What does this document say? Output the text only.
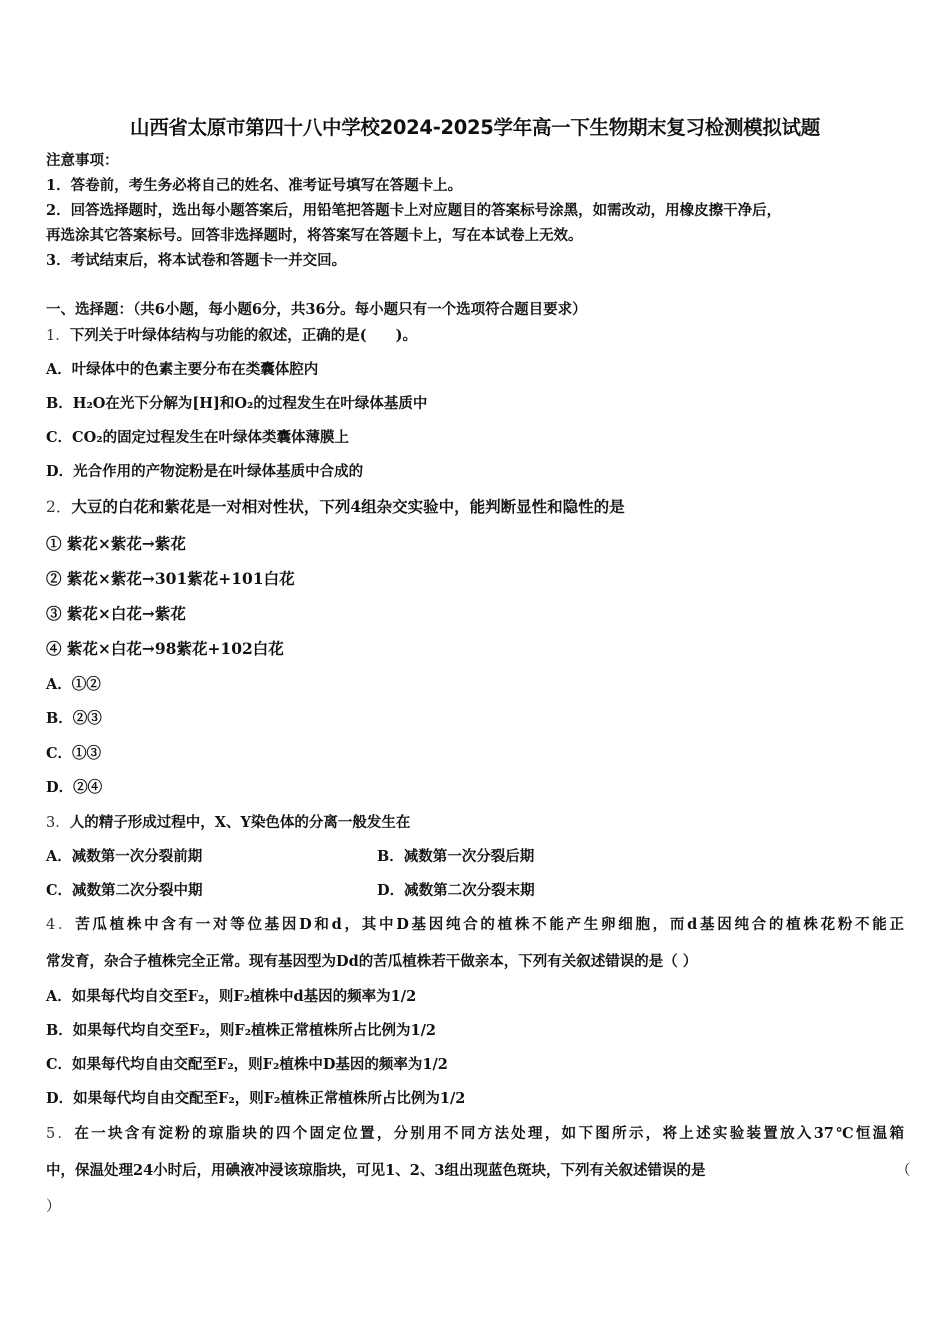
山西省太原市第四十八中学校2024-2025学年高一下生物期末复习检测模拟试题
注意事项：
1．答卷前，考生务必将自己的姓名、准考证号填写在答题卡上。
2．回答选择题时，选出每小题答案后，用铅笔把答题卡上对应题目的答案标号涂黑，如需改动，用橡皮擦干净后，
再选涂其它答案标号。回答非选择题时，将答案写在答题卡上，写在本试卷上无效。
3．考试结束后，将本试卷和答题卡一并交回。
一、选择题：（共6小题，每小题6分，共36分。每小题只有一个选项符合题目要求）
1．下列关于叶绿体结构与功能的叙述，正确的是(　　)。
A．叶绿体中的色素主要分布在类囊体腔内
B．H₂O在光下分解为[H]和O₂的过程发生在叶绿体基质中
C．CO₂的固定过程发生在叶绿体类囊体薄膜上
D．光合作用的产物淀粉是在叶绿体基质中合成的
2．大豆的白花和紫花是一对相对性状，下列4组杂交实验中，能判断显性和隐性的是
① 紫花×紫花→紫花
② 紫花×紫花→301紫花+101白花
③ 紫花×白花→紫花
④ 紫花×白花→98紫花+102白花
A．①②
B．②③
C．①③
D．②④
3．人的精子形成过程中，X、Y染色体的分离一般发生在
A．减数第一次分裂前期	B．减数第一次分裂后期
C．减数第二次分裂中期	D．减数第二次分裂末期
4．苦瓜植株中含有一对等位基因D和d，其中D基因纯合的植株不能产生卵细胞，而d基因纯合的植株花粉不能正
常发育，杂合子植株完全正常。现有基因型为Dd的苦瓜植株若干做亲本，下列有关叙述错误的是（ ）
A．如果每代均自交至F₂，则F₂植株中d基因的频率为1/2
B．如果每代均自交至F₂，则F₂植株正常植株所占比例为1/2
C．如果每代均自由交配至F₂，则F₂植株中D基因的频率为1/2
D．如果每代均自由交配至F₂，则F₂植株正常植株所占比例为1/2
5．在一块含有淀粉的琼脂块的四个固定位置，分别用不同方法处理，如下图所示，将上述实验装置放入37℃恒温箱
中，保温处理24小时后，用碘液冲浸该琼脂块，可见1、2、3组出现蓝色斑块，下列有关叙述错误的是	（
）
